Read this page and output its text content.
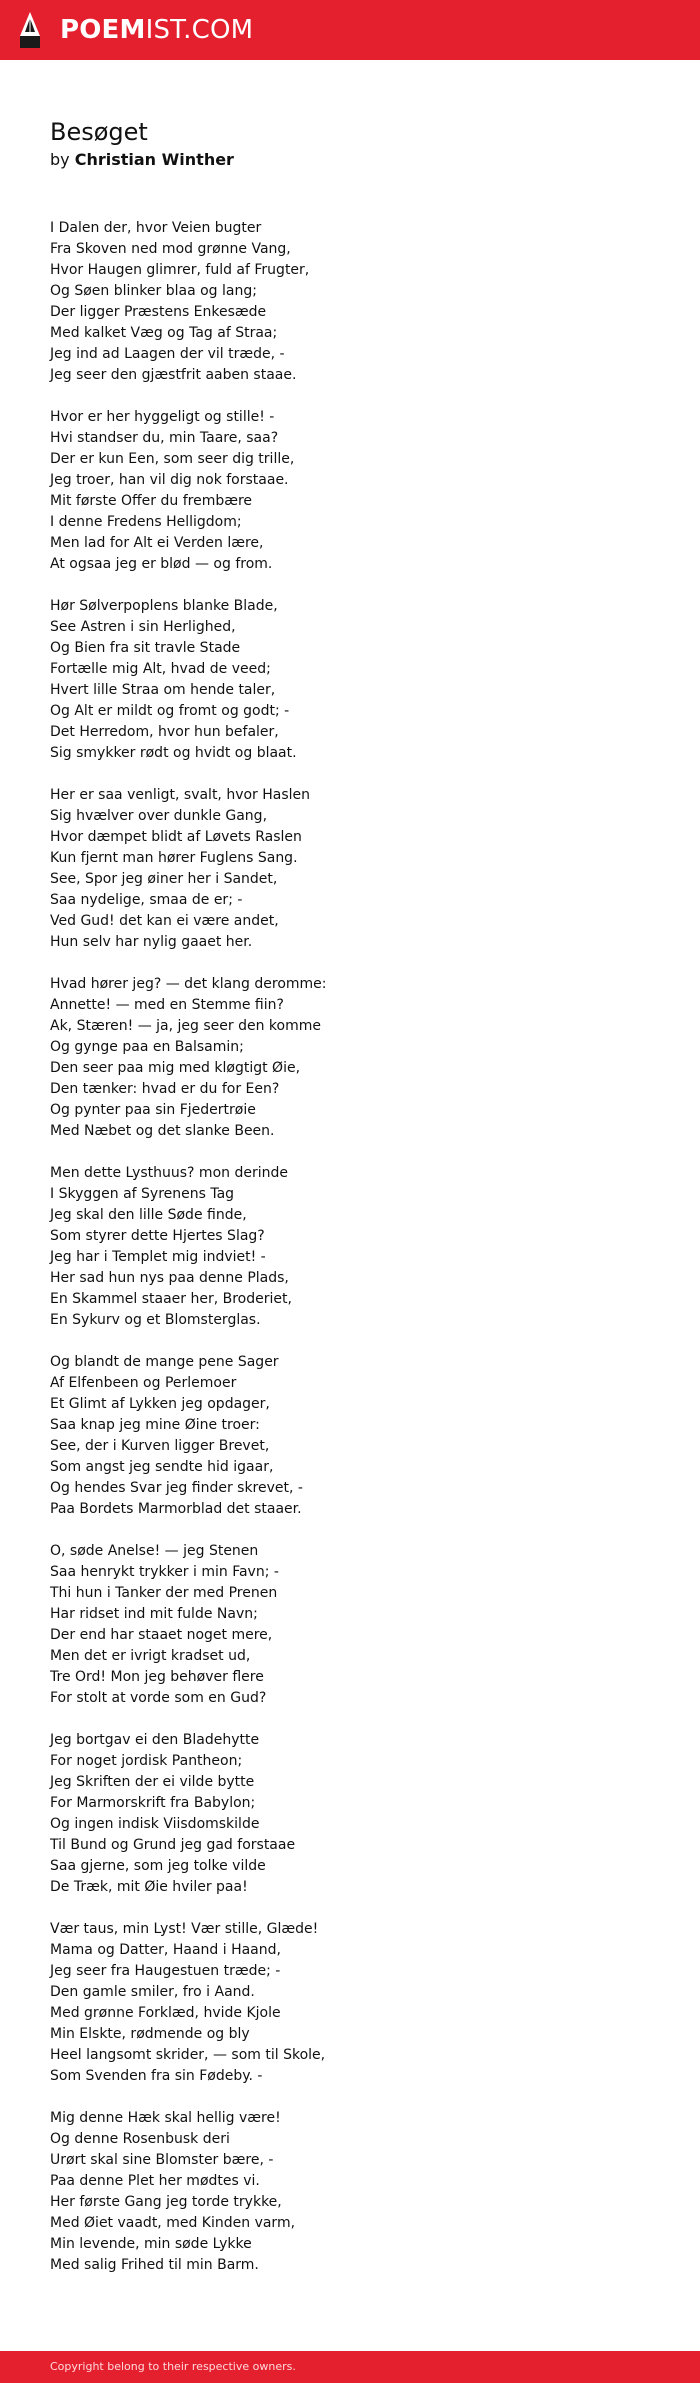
POEMIST.COM
Besøget
by Christian Winther
I Dalen der, hvor Veien bugter
Fra Skoven ned mod grønne Vang,
Hvor Haugen glimrer, fuld af Frugter,
Og Søen blinker blaa og lang;
Der ligger Præstens Enkesæde
Med kalket Væg og Tag af Straa;
Jeg ind ad Laagen der vil træde, -
Jeg seer den gjæstfrit aaben staae.
Hvor er her hyggeligt og stille! -
Hvi standser du, min Taare, saa?
Der er kun Een, som seer dig trille,
Jeg troer, han vil dig nok forstaae.
Mit første Offer du frembære
I denne Fredens Helligdom;
Men lad for Alt ei Verden lære,
At ogsaa jeg er blød — og from.
Hør Sølverpoplens blanke Blade,
See Astren i sin Herlighed,
Og Bien fra sit travle Stade
Fortælle mig Alt, hvad de veed;
Hvert lille Straa om hende taler,
Og Alt er mildt og fromt og godt; -
Det Herredom, hvor hun befaler,
Sig smykker rødt og hvidt og blaat.
Her er saa venligt, svalt, hvor Haslen
Sig hvælver over dunkle Gang,
Hvor dæmpet blidt af Løvets Raslen
Kun fjernt man hører Fuglens Sang.
See, Spor jeg øiner her i Sandet,
Saa nydelige, smaa de er; -
Ved Gud! det kan ei være andet,
Hun selv har nylig gaaet her.
Hvad hører jeg? — det klang deromme:
Annette! — med en Stemme fiin?
Ak, Stæren! — ja, jeg seer den komme
Og gynge paa en Balsamin;
Den seer paa mig med kløgtigt Øie,
Den tænker: hvad er du for Een?
Og pynter paa sin Fjedertrøie
Med Næbet og det slanke Been.
Men dette Lysthuus? mon derinde
I Skyggen af Syrenens Tag
Jeg skal den lille Søde finde,
Som styrer dette Hjertes Slag?
Jeg har i Templet mig indviet! -
Her sad hun nys paa denne Plads,
En Skammel staaer her, Broderiet,
En Sykurv og et Blomsterglas.
Og blandt de mange pene Sager
Af Elfenbeen og Perlemoer
Et Glimt af Lykken jeg opdager,
Saa knap jeg mine Øine troer:
See, der i Kurven ligger Brevet,
Som angst jeg sendte hid igaar,
Og hendes Svar jeg finder skrevet, -
Paa Bordets Marmorblad det staaer.
O, søde Anelse! — jeg Stenen
Saa henrykt trykker i min Favn; -
Thi hun i Tanker der med Prenen
Har ridset ind mit fulde Navn;
Der end har staaet noget mere,
Men det er ivrigt kradset ud,
Tre Ord! Mon jeg behøver flere
For stolt at vorde som en Gud?
Jeg bortgav ei den Bladehytte
For noget jordisk Pantheon;
Jeg Skriften der ei vilde bytte
For Marmorskrift fra Babylon;
Og ingen indisk Viisdomskilde
Til Bund og Grund jeg gad forstaae
Saa gjerne, som jeg tolke vilde
De Træk, mit Øie hviler paa!
Vær taus, min Lyst! Vær stille, Glæde!
Mama og Datter, Haand i Haand,
Jeg seer fra Haugestuen træde; -
Den gamle smiler, fro i Aand.
Med grønne Forklæd, hvide Kjole
Min Elskte, rødmende og bly
Heel langsomt skrider, — som til Skole,
Som Svenden fra sin Fødeby. -
Mig denne Hæk skal hellig være!
Og denne Rosenbusk deri
Urørt skal sine Blomster bære, -
Paa denne Plet her mødtes vi.
Her første Gang jeg torde trykke,
Med Øiet vaadt, med Kinden varm,
Min levende, min søde Lykke
Med salig Frihed til min Barm.
Copyright belong to their respective owners.
